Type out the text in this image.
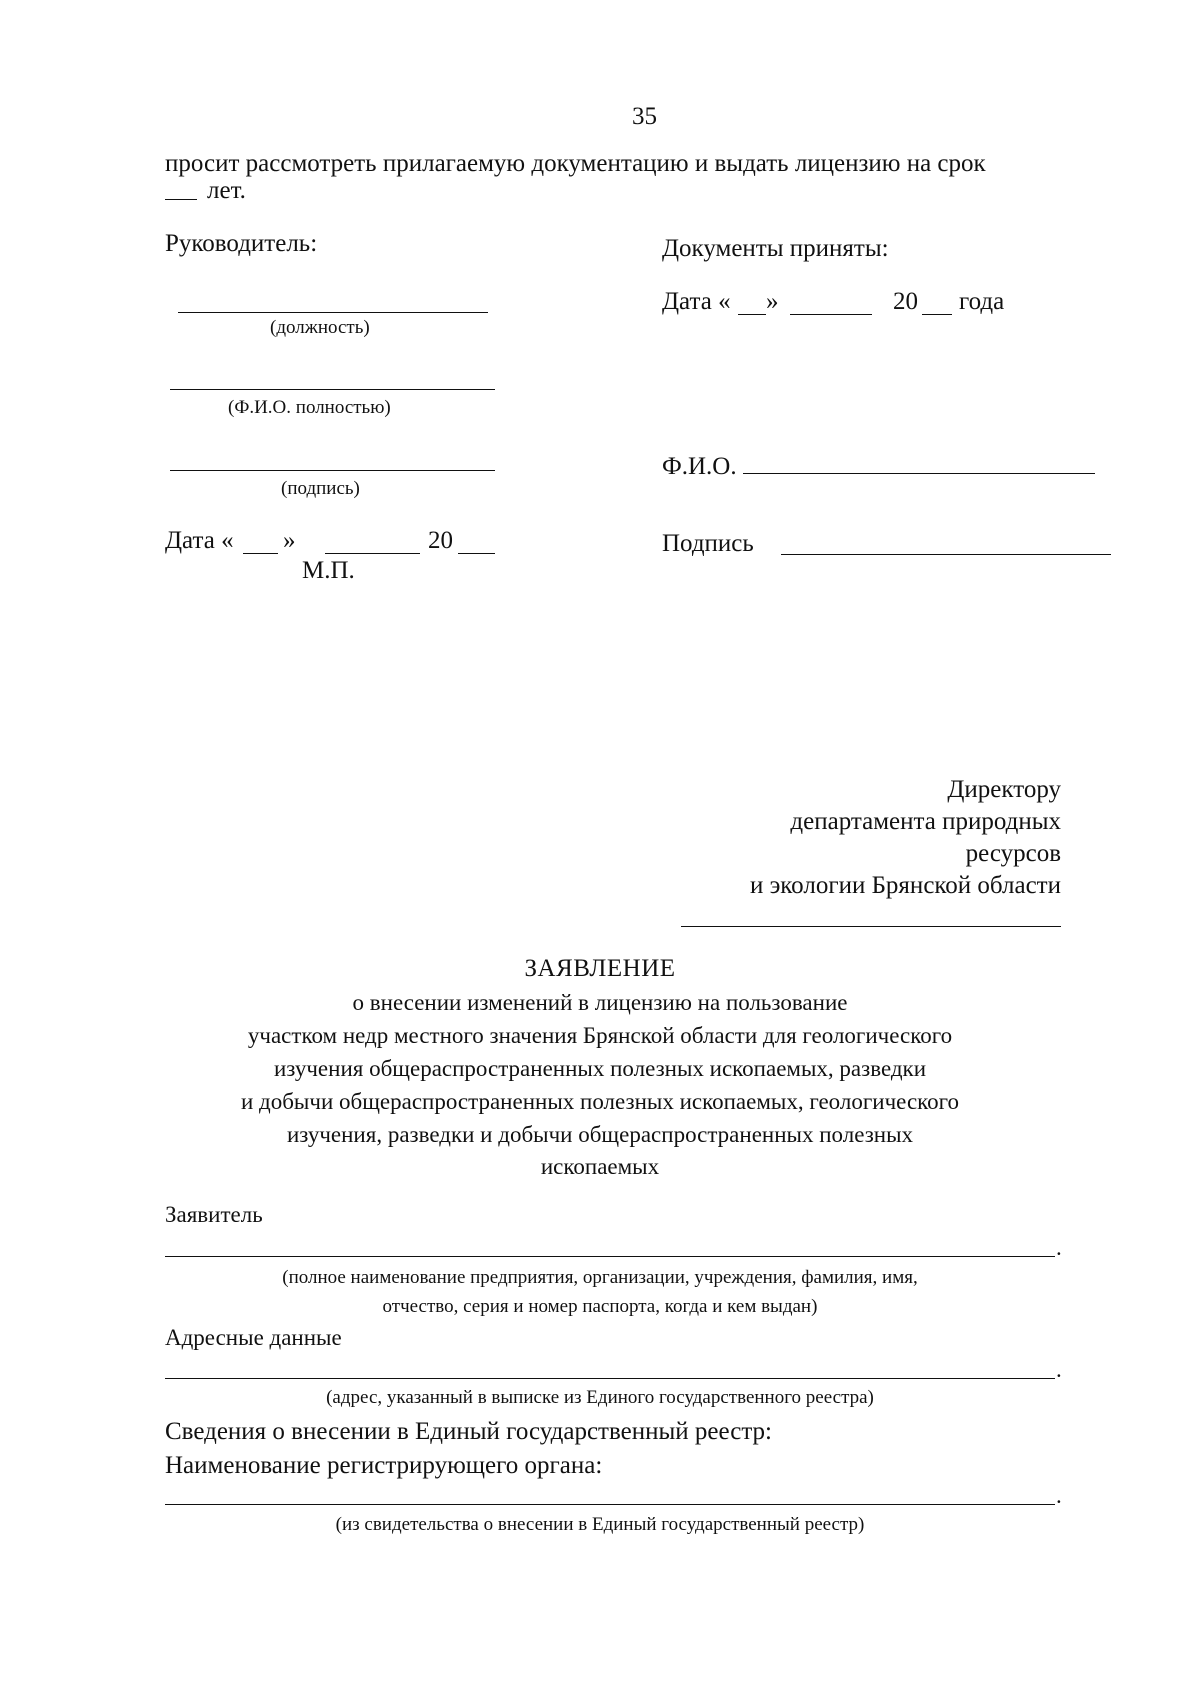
35
просит рассмотреть прилагаемую документацию и выдать лицензию на срок
лет.
Руководитель:
(должность)
(Ф.И.О. полностью)
(подпись)
Дата « »	20
М.П.
Документы приняты:
Дата « »	20 года
Ф.И.О.
Подпись
Директору
департамента природных
ресурсов
и экологии Брянской области
ЗАЯВЛЕНИЕ
о внесении изменений в лицензию на пользование
участком недр местного значения Брянской области для геологического
изучения общераспространенных полезных ископаемых, разведки
и добычи общераспространенных полезных ископаемых, геологического
изучения, разведки и добычи общераспространенных полезных
ископаемых
Заявитель
.
(полное наименование предприятия, организации, учреждения, фамилия, имя,
отчество, серия и номер паспорта, когда и кем выдан)
Адресные данные
.
(адрес, указанный в выписке из Единого государственного реестра)
Сведения о внесении в Единый государственный реестр:
Наименование регистрирующего органа:
.
(из свидетельства о внесении в Единый государственный реестр)
